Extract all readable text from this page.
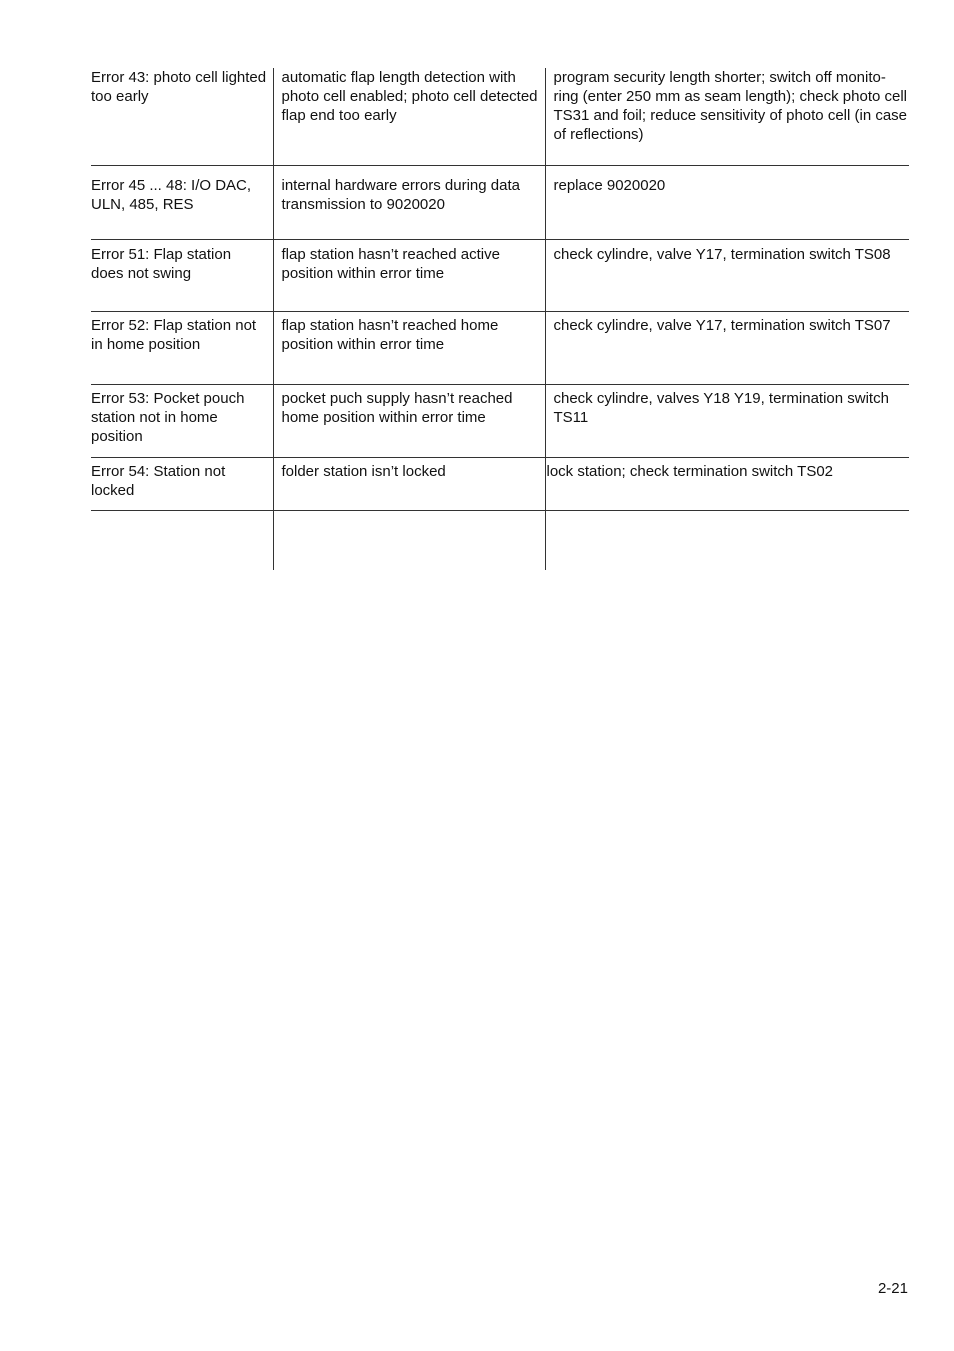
Error 43: photo cell lighted too early	automatic flap length detection with photo cell enabled; photo cell detected flap end too early	program security length shorter; switch off monito-ring (enter 250 mm as seam length); check photo cell TS31 and foil; reduce sensitivity of photo cell (in case of reflections)
Error 45 ... 48: I/O DAC, ULN, 485, RES	internal hardware errors during data transmission to 9020020	replace 9020020
Error 51: Flap station does not swing	flap station hasn’t reached active position within error time	check cylindre, valve Y17, termination switch TS08
Error 52: Flap station not in home position	flap station hasn’t reached home position within error time	check cylindre, valve Y17, termination switch TS07
Error 53: Pocket pouch station not in home position	pocket puch supply hasn’t reached home position within error time	check cylindre, valves Y18 Y19, termination switch TS11
Error 54: Station not locked	folder station isn’t locked	lock station; check termination switch TS02

2-21
